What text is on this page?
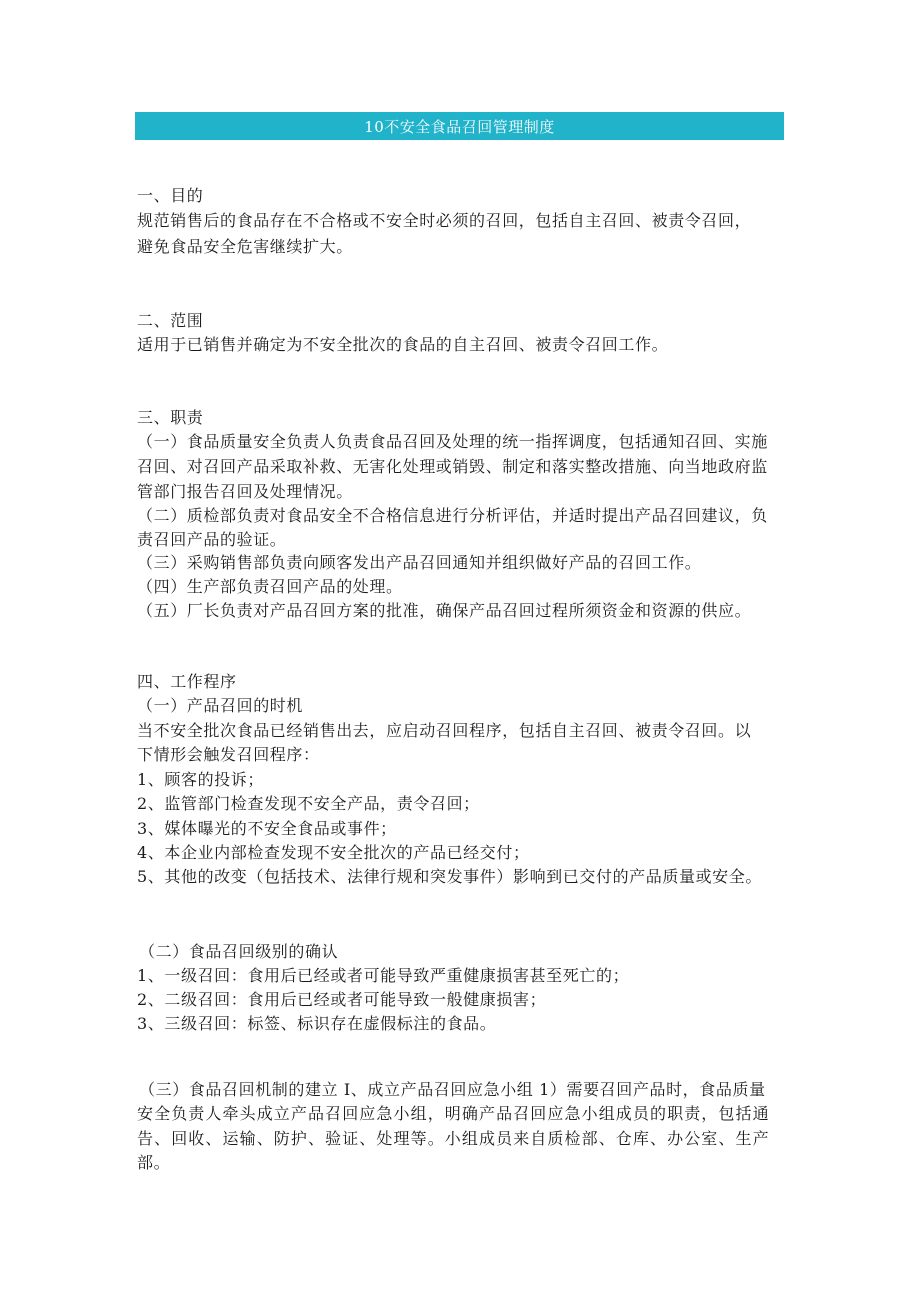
10不安全食品召回管理制度
一、目的
规范销售后的食品存在不合格或不安全时必须的召回，包括自主召回、被责令召回，
避免食品安全危害继续扩大。
二、范围
适用于已销售并确定为不安全批次的食品的自主召回、被责令召回工作。
三、职责
（一）食品质量安全负责人负责食品召回及处理的统一指挥调度，包括通知召回、实施
召回、对召回产品采取补救、无害化处理或销毁、制定和落实整改措施、向当地政府监
管部门报告召回及处理情况。
（二）质检部负责对食品安全不合格信息进行分析评估，并适时提出产品召回建议，负
责召回产品的验证。
（三）采购销售部负责向顾客发出产品召回通知并组织做好产品的召回工作。
（四）生产部负责召回产品的处理。
（五）厂长负责对产品召回方案的批准，确保产品召回过程所须资金和资源的供应。
四、工作程序
（一）产品召回的时机
当不安全批次食品已经销售出去，应启动召回程序，包括自主召回、被责令召回。以
下情形会触发召回程序：
1、顾客的投诉；
2、监管部门检查发现不安全产品，责令召回；
3、媒体曝光的不安全食品或事件；
4、本企业内部检查发现不安全批次的产品已经交付；
5、其他的改变（包括技术、法律行规和突发事件）影响到已交付的产品质量或安全。
（二）食品召回级别的确认
1、一级召回：食用后已经或者可能导致严重健康损害甚至死亡的；
2、二级召回：食用后已经或者可能导致一般健康损害；
3、三级召回：标签、标识存在虚假标注的食品。
（三）食品召回机制的建立 I、成立产品召回应急小组 1）需要召回产品时，食品质量
安全负责人牵头成立产品召回应急小组，明确产品召回应急小组成员的职责，包括通
告、回收、运输、防护、验证、处理等。小组成员来自质检部、仓库、办公室、生产
部。
